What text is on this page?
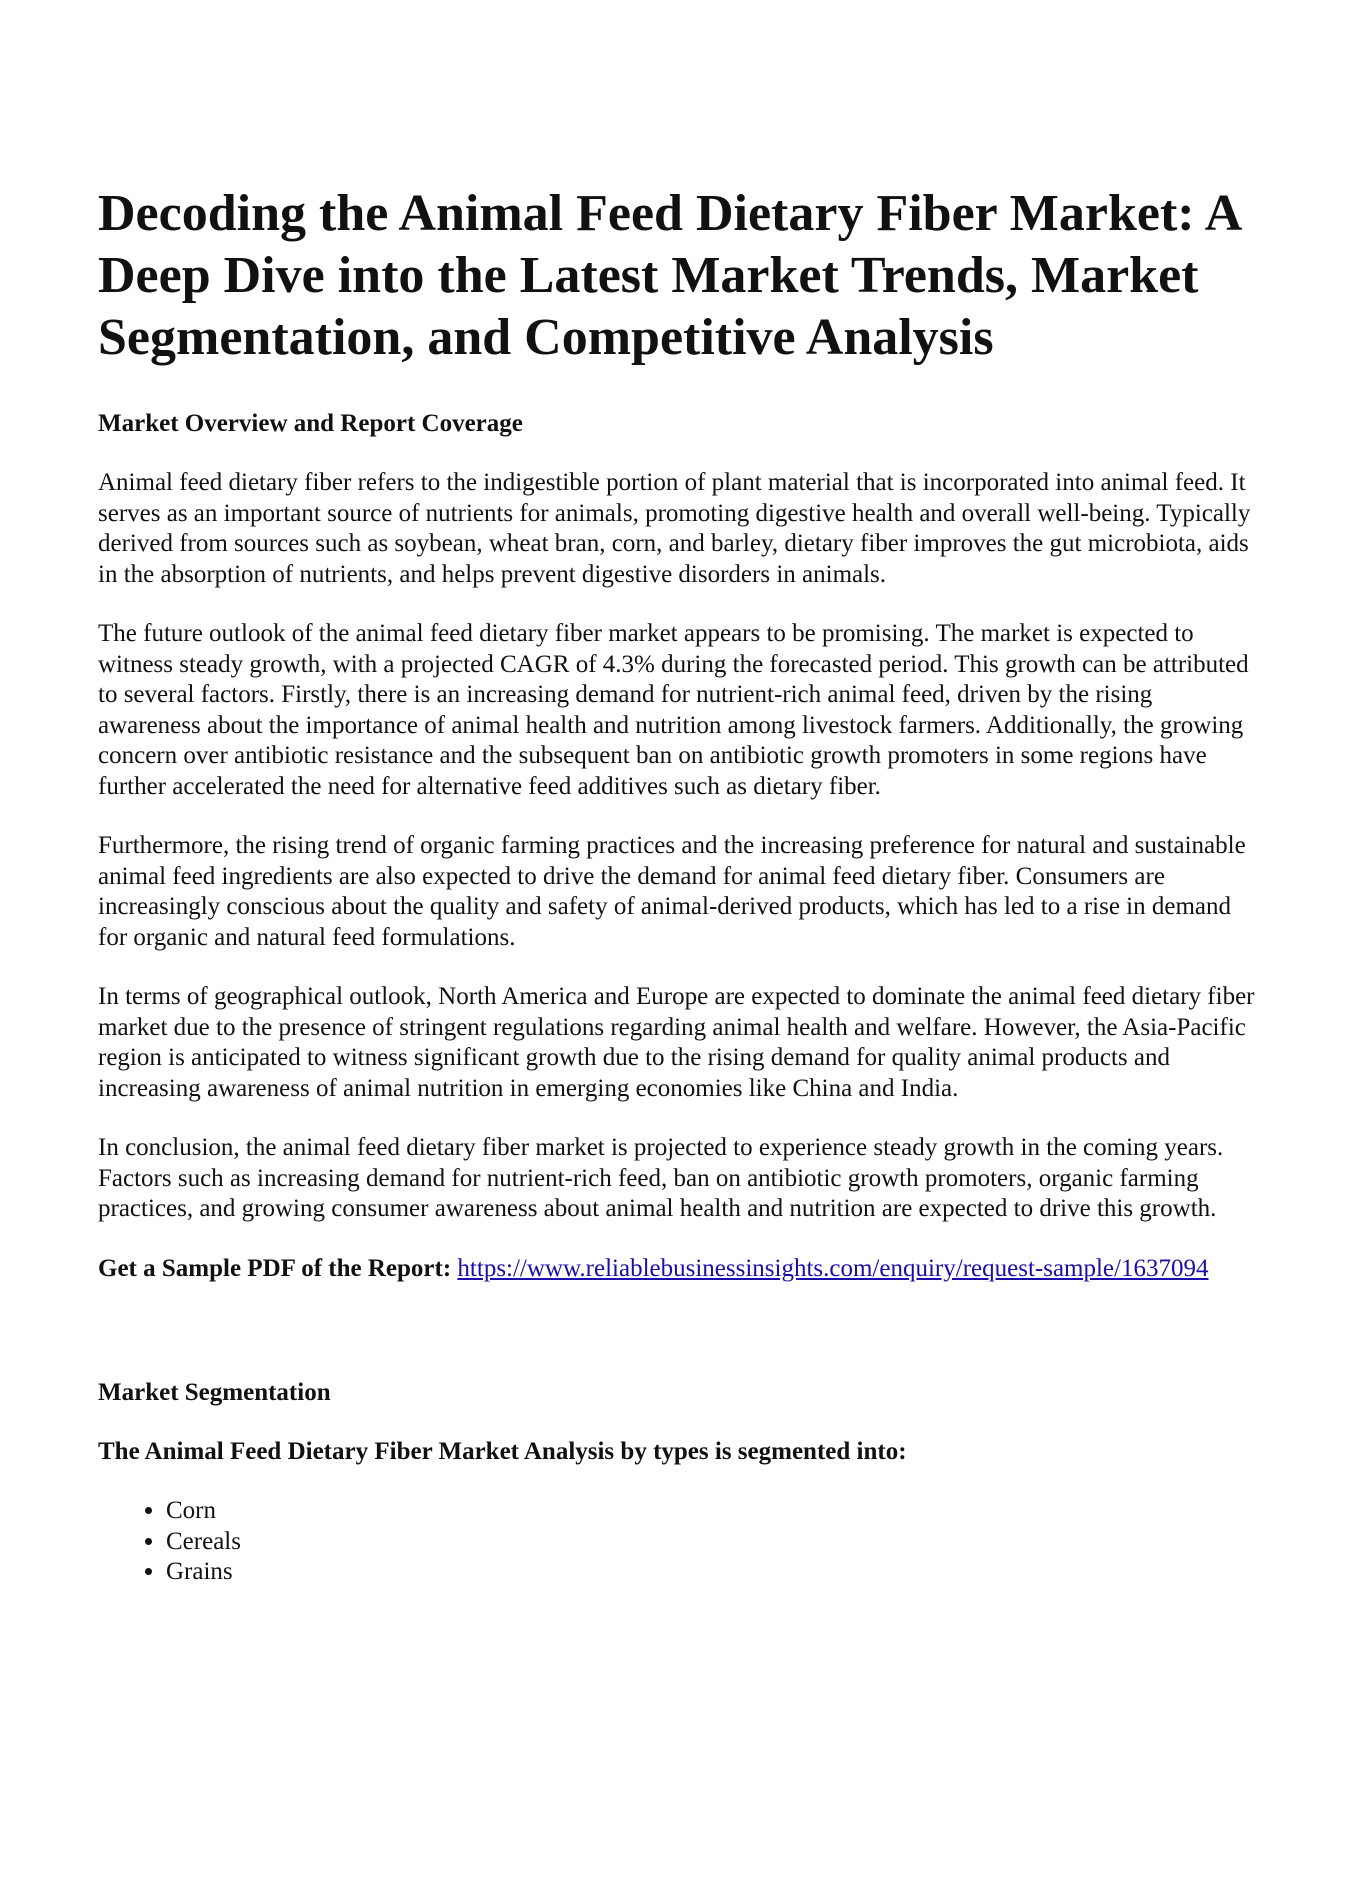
Decoding the Animal Feed Dietary Fiber Market: A Deep Dive into the Latest Market Trends, Market Segmentation, and Competitive Analysis
Market Overview and Report Coverage

Animal feed dietary fiber refers to the indigestible portion of plant material that is incorporated into animal feed. It serves as an important source of nutrients for animals, promoting digestive health and overall well-being. Typically derived from sources such as soybean, wheat bran, corn, and barley, dietary fiber improves the gut microbiota, aids in the absorption of nutrients, and helps prevent digestive disorders in animals.

The future outlook of the animal feed dietary fiber market appears to be promising. The market is expected to witness steady growth, with a projected CAGR of 4.3% during the forecasted period. This growth can be attributed to several factors. Firstly, there is an increasing demand for nutrient-rich animal feed, driven by the rising awareness about the importance of animal health and nutrition among livestock farmers. Additionally, the growing concern over antibiotic resistance and the subsequent ban on antibiotic growth promoters in some regions have further accelerated the need for alternative feed additives such as dietary fiber.

Furthermore, the rising trend of organic farming practices and the increasing preference for natural and sustainable animal feed ingredients are also expected to drive the demand for animal feed dietary fiber. Consumers are increasingly conscious about the quality and safety of animal-derived products, which has led to a rise in demand for organic and natural feed formulations.

In terms of geographical outlook, North America and Europe are expected to dominate the animal feed dietary fiber market due to the presence of stringent regulations regarding animal health and welfare. However, the Asia-Pacific region is anticipated to witness significant growth due to the rising demand for quality animal products and increasing awareness of animal nutrition in emerging economies like China and India.

In conclusion, the animal feed dietary fiber market is projected to experience steady growth in the coming years. Factors such as increasing demand for nutrient-rich feed, ban on antibiotic growth promoters, organic farming practices, and growing consumer awareness about animal health and nutrition are expected to drive this growth.

Get a Sample PDF of the Report: https://www.reliablebusinessinsights.com/enquiry/request-sample/1637094

Market Segmentation
The Animal Feed Dietary Fiber Market Analysis by types is segmented into:
• Corn
• Cereals
• Grains
